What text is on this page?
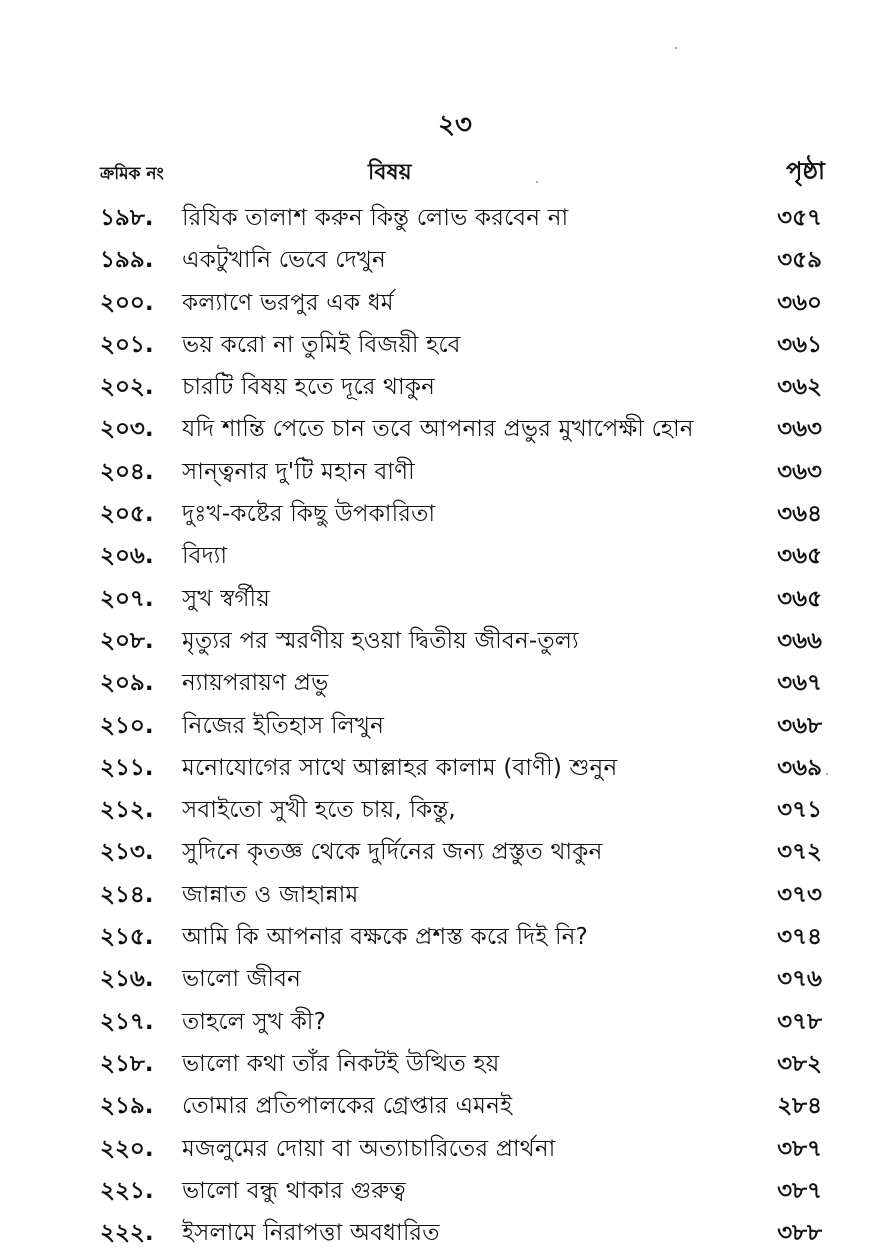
২৩
ক্রমিক নং	বিষয়	পৃষ্ঠা
১৯৮.	রিযিক তালাশ করুন কিন্তু লোভ করবেন না	৩৫৭
১৯৯.	একটুখানি ভেবে দেখুন	৩৫৯
২০০.	কল্যাণে ভরপুর এক ধর্ম	৩৬০
২০১.	ভয় করো না তুমিই বিজয়ী হবে	৩৬১
২০২.	চারটি বিষয় হতে দূরে থাকুন	৩৬২
২০৩.	যদি শান্তি পেতে চান তবে আপনার প্রভুর মুখাপেক্ষী হোন	৩৬৩
২০৪.	সান্ত্বনার দু'টি মহান বাণী	৩৬৩
২০৫.	দুঃখ-কষ্টের কিছু উপকারিতা	৩৬৪
২০৬.	বিদ্যা	৩৬৫
২০৭.	সুখ স্বর্গীয়	৩৬৫
২০৮.	মৃত্যুর পর স্মরণীয় হওয়া দ্বিতীয় জীবন-তুল্য	৩৬৬
২০৯.	ন্যায়পরায়ণ প্রভু	৩৬৭
২১০.	নিজের ইতিহাস লিখুন	৩৬৮
২১১.	মনোযোগের সাথে আল্লাহর কালাম (বাণী) শুনুন	৩৬৯
২১২.	সবাইতো সুখী হতে চায়, কিন্তু,	৩৭১
২১৩.	সুদিনে কৃতজ্ঞ থেকে দুর্দিনের জন্য প্রস্তুত থাকুন	৩৭২
২১৪.	জান্নাত ও জাহান্নাম	৩৭৩
২১৫.	আমি কি আপনার বক্ষকে প্রশস্ত করে দিই নি?	৩৭৪
২১৬.	ভালো জীবন	৩৭৬
২১৭.	তাহলে সুখ কী?	৩৭৮
২১৮.	ভালো কথা তাঁর নিকটই উত্থিত হয়	৩৮২
২১৯.	তোমার প্রতিপালকের গ্রেপ্তার এমনই	২৮৪
২২০.	মজলুমের দোয়া বা অত্যাচারিতের প্রার্থনা	৩৮৭
২২১.	ভালো বন্ধু থাকার গুরুত্ব	৩৮৭
২২২.	ইসলামে নিরাপত্তা অবধারিত	৩৮৮
